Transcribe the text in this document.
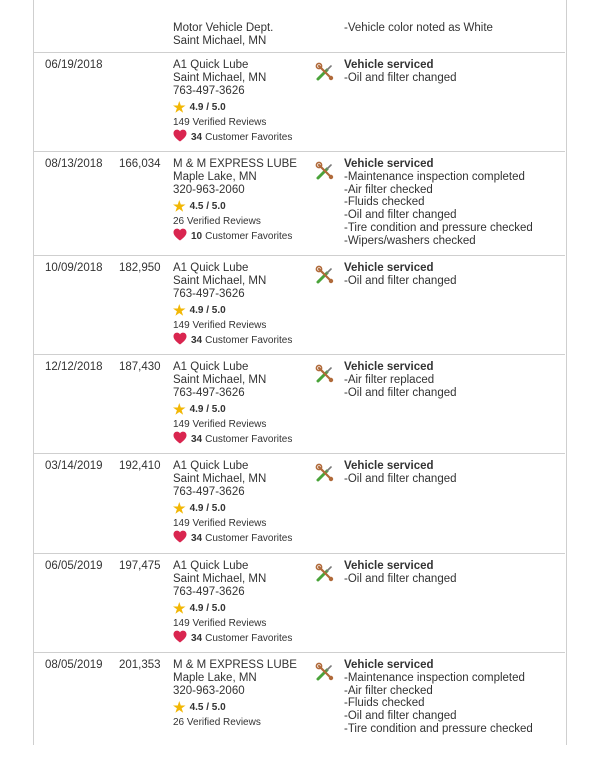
Motor Vehicle Dept.
Saint Michael, MN
-Vehicle color noted as White
06/19/2018	A1 Quick Lube
Saint Michael, MN
763-497-3626
★ 4.9 / 5.0
149 Verified Reviews
34 Customer Favorites
Vehicle serviced
-Oil and filter changed
08/13/2018 166,034 M & M EXPRESS LUBE
Maple Lake, MN
320-963-2060
★ 4.5 / 5.0
26 Verified Reviews
10 Customer Favorites
Vehicle serviced
-Maintenance inspection completed
-Air filter checked
-Fluids checked
-Oil and filter changed
-Tire condition and pressure checked
-Wipers/washers checked
10/09/2018 182,950 A1 Quick Lube
Saint Michael, MN
763-497-3626
★ 4.9 / 5.0
149 Verified Reviews
34 Customer Favorites
Vehicle serviced
-Oil and filter changed
12/12/2018 187,430 A1 Quick Lube
Saint Michael, MN
763-497-3626
★ 4.9 / 5.0
149 Verified Reviews
34 Customer Favorites
Vehicle serviced
-Air filter replaced
-Oil and filter changed
03/14/2019 192,410 A1 Quick Lube
Saint Michael, MN
763-497-3626
★ 4.9 / 5.0
149 Verified Reviews
34 Customer Favorites
Vehicle serviced
-Oil and filter changed
06/05/2019 197,475 A1 Quick Lube
Saint Michael, MN
763-497-3626
★ 4.9 / 5.0
149 Verified Reviews
34 Customer Favorites
Vehicle serviced
-Oil and filter changed
08/05/2019 201,353 M & M EXPRESS LUBE
Maple Lake, MN
320-963-2060
★ 4.5 / 5.0
26 Verified Reviews
Vehicle serviced
-Maintenance inspection completed
-Air filter checked
-Fluids checked
-Oil and filter changed
-Tire condition and pressure checked
